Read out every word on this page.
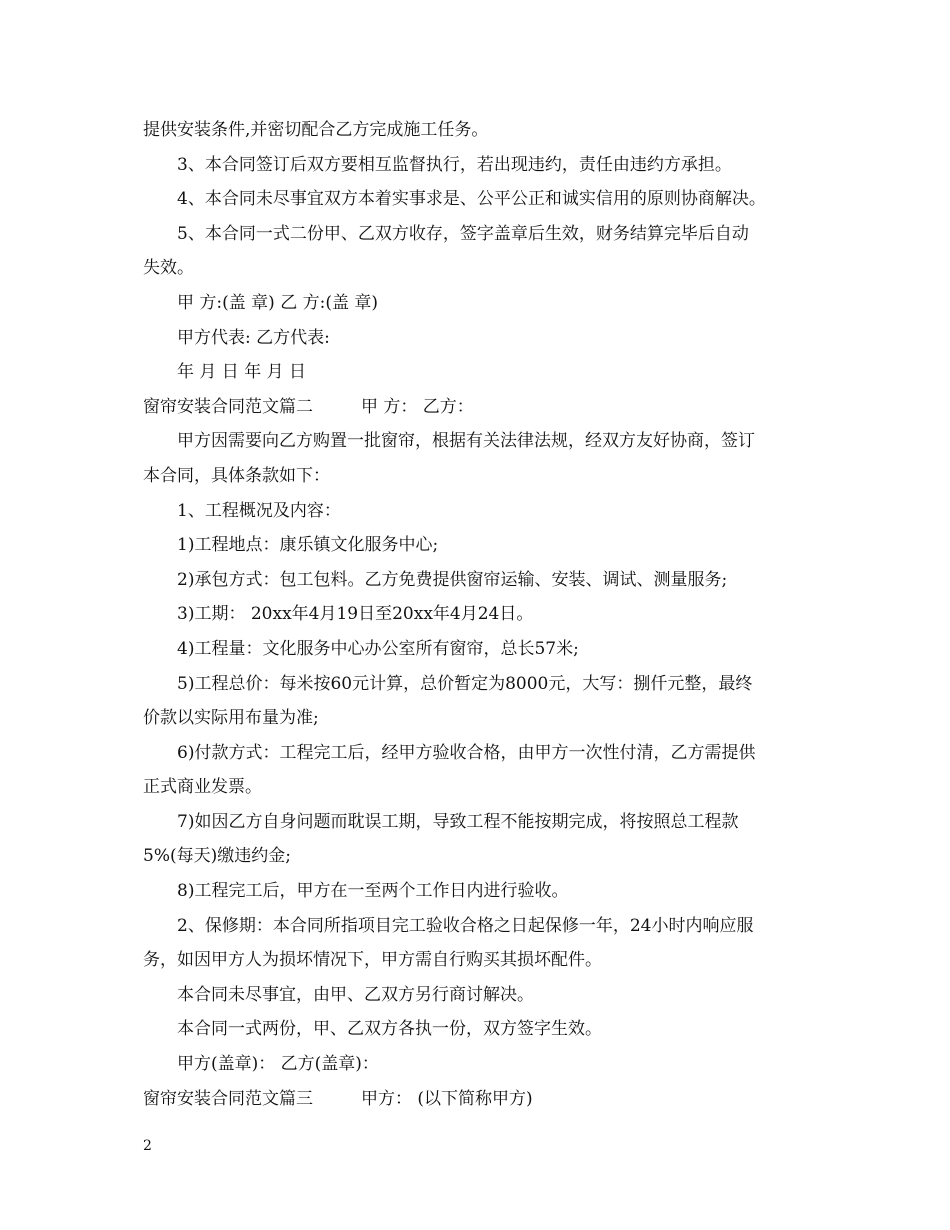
提供安装条件,并密切配合乙方完成施工任务。
3、本合同签订后双方要相互监督执行，若出现违约，责任由违约方承担。
4、本合同未尽事宜双方本着实事求是、公平公正和诚实信用的原则协商解决。
5、本合同一式二份甲、乙双方收存，签字盖章后生效，财务结算完毕后自动
失效。
甲 方:(盖 章) 乙 方:(盖 章)
甲方代表: 乙方代表:
年 月 日 年 月 日
窗帘安装合同范文篇二	甲 方： 乙方：
甲方因需要向乙方购置一批窗帘，根据有关法律法规，经双方友好协商，签订
本合同，具体条款如下：
1、工程概况及内容：
1)工程地点：康乐镇文化服务中心;
2)承包方式：包工包料。乙方免费提供窗帘运输、安装、调试、测量服务;
3)工期： 20xx年4月19日至20xx年4月24日。
4)工程量：文化服务中心办公室所有窗帘，总长57米;
5)工程总价：每米按60元计算，总价暂定为8000元，大写：捌仟元整，最终
价款以实际用布量为准;
6)付款方式：工程完工后，经甲方验收合格，由甲方一次性付清，乙方需提供
正式商业发票。
7)如因乙方自身问题而耽误工期，导致工程不能按期完成，将按照总工程款
5%(每天)缴违约金;
8)工程完工后，甲方在一至两个工作日内进行验收。
2、保修期：本合同所指项目完工验收合格之日起保修一年，24小时内响应服
务，如因甲方人为损坏情况下，甲方需自行购买其损坏配件。
本合同未尽事宜，由甲、乙双方另行商讨解决。
本合同一式两份，甲、乙双方各执一份，双方签字生效。
甲方(盖章)： 乙方(盖章)：
窗帘安装合同范文篇三	甲方： (以下简称甲方)
2
